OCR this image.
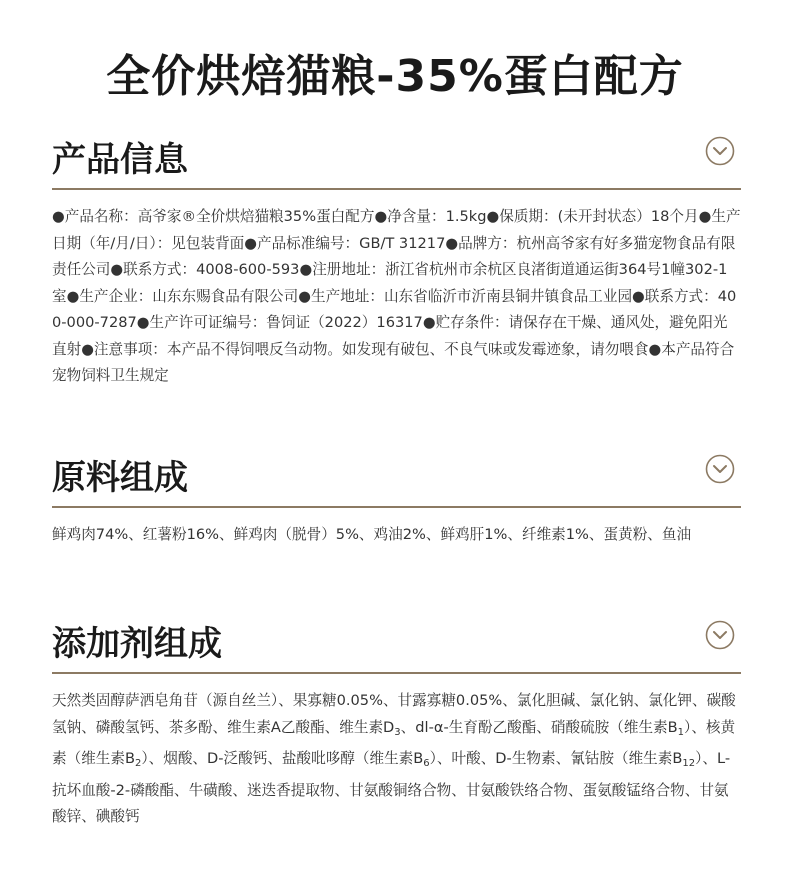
全价烘焙猫粮-35%蛋白配方
产品信息
●产品名称：高爷家®全价烘焙猫粮35%蛋白配方●净含量：1.5kg●保质期：(未开封状态）18个月●生产日期（年/月/日）：见包装背面●产品标准编号：GB/T 31217●品牌方：杭州高爷家有好多猫宠物食品有限责任公司●联系方式：4008-600-593●注册地址：浙江省杭州市余杭区良渚街道通运街364号1幢302-1室●生产企业：山东东赐食品有限公司●生产地址：山东省临沂市沂南县铜井镇食品工业园●联系方式：400-000-7287●生产许可证编号：鲁饲证（2022）16317●贮存条件：请保存在干燥、通风处，避免阳光直射●注意事项：本产品不得饲喂反刍动物。如发现有破包、不良气味或发霉迹象，请勿喂食●本产品符合宠物饲料卫生规定
原料组成
鲜鸡肉74%、红薯粉16%、鲜鸡肉（脱骨）5%、鸡油2%、鲜鸡肝1%、纤维素1%、蛋黄粉、鱼油
添加剂组成
天然类固醇萨洒皂角苷（源自丝兰）、果寡糖0.05%、甘露寡糖0.05%、氯化胆碱、氯化钠、氯化钾、碳酸氢钠、磷酸氢钙、茶多酚、维生素A乙酸酯、维生素$D_3$、dl-α-生育酚乙酸酯、硝酸硫胺（维生素$B_1$）、核黄素（维生素$B_2$）、烟酸、D-泛酸钙、盐酸吡哆醇（维生素$B_6$）、叶酸、D-生物素、氰钴胺（维生素$B_{12}$）、L-抗坏血酸-2-磷酸酯、牛磺酸、迷迭香提取物、甘氨酸铜络合物、甘氨酸铁络合物、蛋氨酸锰络合物、甘氨酸锌、碘酸钙
